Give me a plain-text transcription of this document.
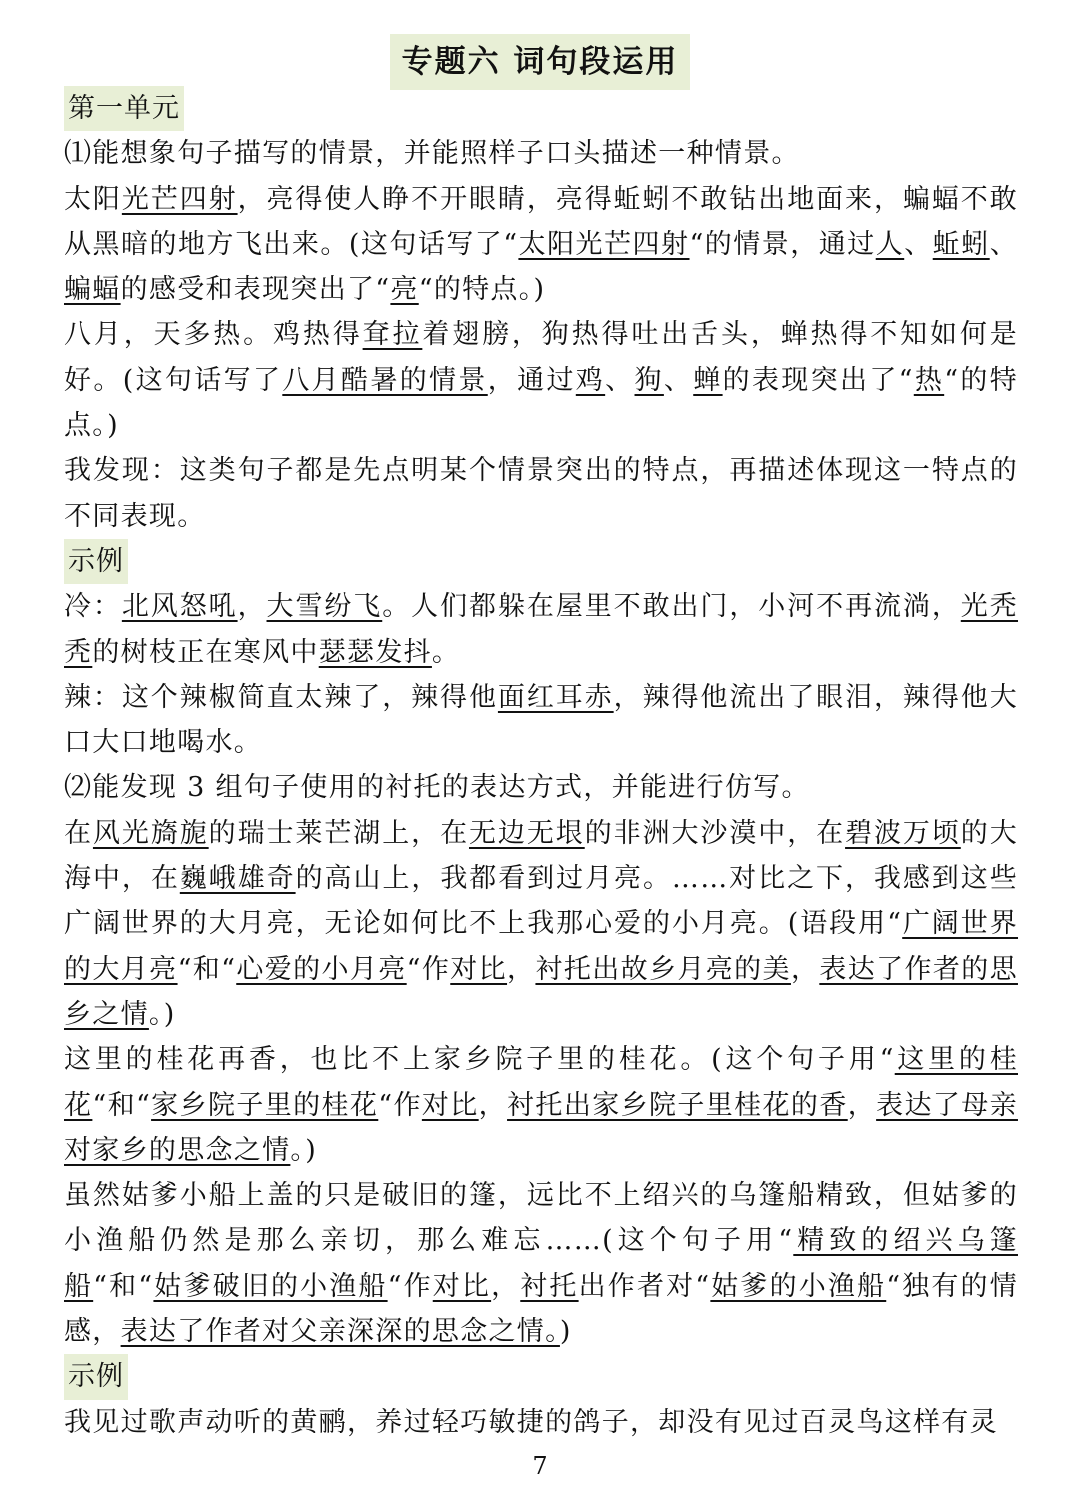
专题六 词句段运用
第一单元

⑴能想象句子描写的情景，并能照样子口头描述一种情景。

太阳光芒四射，亮得使人睁不开眼睛，亮得蚯蚓不敢钻出地面来，蝙蝠不敢从黑暗的地方飞出来。(这句话写了“太阳光芒四射“的情景，通过人、蚯蚓、蝙蝠的感受和表现突出了“亮“的特点。)

八月，天多热。鸡热得耷拉着翅膀，狗热得吐出舌头，蝉热得不知如何是好。(这句话写了八月酷暑的情景，通过鸡、狗、蝉的表现突出了“热“的特点。)

我发现：这类句子都是先点明某个情景突出的特点，再描述体现这一特点的不同表现。

示例

冷：北风怒吼，大雪纷飞。人们都躲在屋里不敢出门，小河不再流淌，光秃秃的树枝正在寒风中瑟瑟发抖。

辣：这个辣椒简直太辣了，辣得他面红耳赤，辣得他流出了眼泪，辣得他大口大口地喝水。

⑵能发现 3 组句子使用的衬托的表达方式，并能进行仿写。

在风光旖旎的瑞士莱芒湖上，在无边无垠的非洲大沙漠中，在碧波万顷的大海中，在巍峨雄奇的高山上，我都看到过月亮。……对比之下，我感到这些广阔世界的大月亮，无论如何比不上我那心爱的小月亮。(语段用“广阔世界的大月亮“和“心爱的小月亮“作对比，衬托出故乡月亮的美，表达了作者的思乡之情。)

这里的桂花再香，也比不上家乡院子里的桂花。(这个句子用“这里的桂花“和“家乡院子里的桂花“作对比，衬托出家乡院子里桂花的香，表达了母亲对家乡的思念之情。)

虽然姑爹小船上盖的只是破旧的篷，远比不上绍兴的乌篷船精致，但姑爹的小渔船仍然是那么亲切，那么难忘……(这个句子用“精致的绍兴乌篷船“和“姑爹破旧的小渔船“作对比，衬托出作者对“姑爹的小渔船“独有的情感，表达了作者对父亲深深的思念之情。)

示例

我见过歌声动听的黄鹂，养过轻巧敏捷的鸽子，却没有见过百灵鸟这样有灵

7
